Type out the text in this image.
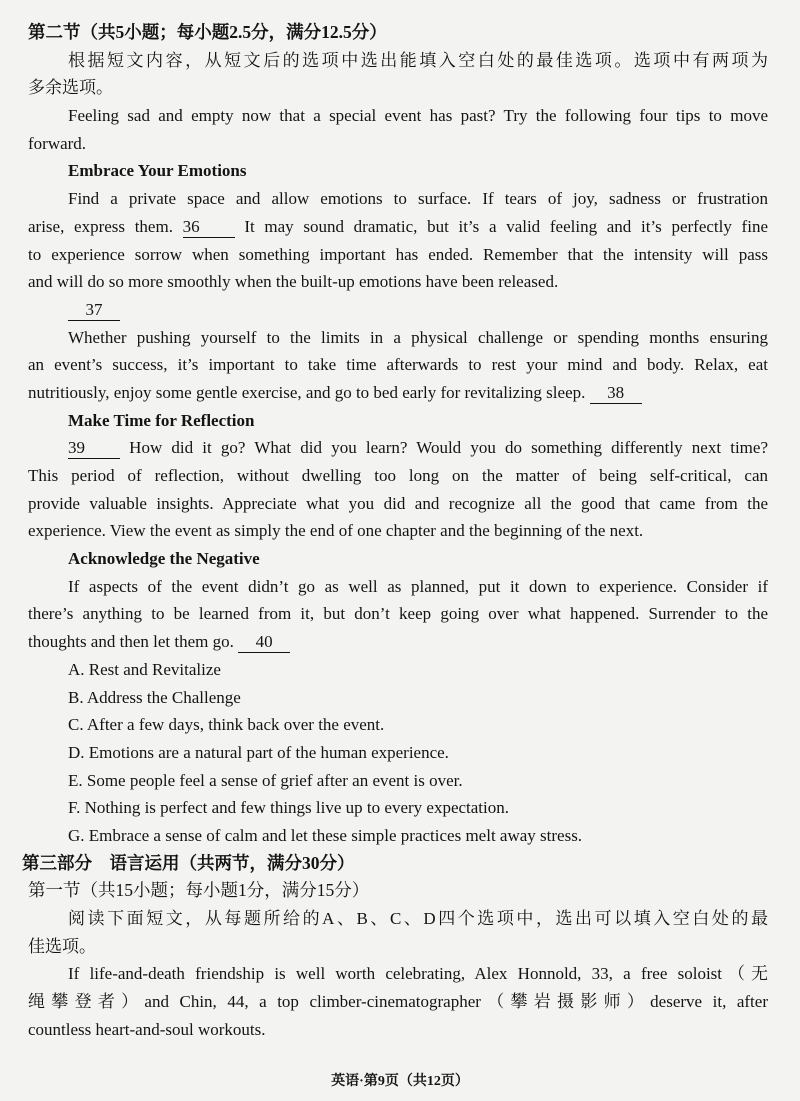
第二节（共5小题；每小题2.5分，满分12.5分）
根据短文内容，从短文后的选项中选出能填入空白处的最佳选项。选项中有两项为
多余选项。
Feeling sad and empty now that a special event has past? Try the following four tips to move
forward.
Embrace Your Emotions
Find a private space and allow emotions to surface. If tears of joy, sadness or frustration
arise, express them. 36 It may sound dramatic, but it’s a valid feeling and it’s perfectly fine
to experience sorrow when something important has ended. Remember that the intensity will pass
and will do so more smoothly when the built-up emotions have been released.
37
Whether pushing yourself to the limits in a physical challenge or spending months ensuring
an event’s success, it’s important to take time afterwards to rest your mind and body. Relax, eat
nutritiously, enjoy some gentle exercise, and go to bed early for revitalizing sleep. 38
Make Time for Reflection
39 How did it go? What did you learn? Would you do something differently next time?
This period of reflection, without dwelling too long on the matter of being self-critical, can
provide valuable insights. Appreciate what you did and recognize all the good that came from the
experience. View the event as simply the end of one chapter and the beginning of the next.
Acknowledge the Negative
If aspects of the event didn’t go as well as planned, put it down to experience. Consider if
there’s anything to be learned from it, but don’t keep going over what happened. Surrender to the
thoughts and then let them go. 40
A. Rest and Revitalize
B. Address the Challenge
C. After a few days, think back over the event.
D. Emotions are a natural part of the human experience.
E. Some people feel a sense of grief after an event is over.
F. Nothing is perfect and few things live up to every expectation.
G. Embrace a sense of calm and let these simple practices melt away stress.
第三部分　语言运用（共两节，满分30分）
第一节（共15小题；每小题1分，满分15分）
阅读下面短文，从每题所给的A、B、C、D四个选项中，选出可以填入空白处的最
佳选项。
If life-and-death friendship is well worth celebrating, Alex Honnold, 33, a free soloist（无
绳攀登者）and Chin, 44, a top climber-cinematographer（攀岩摄影师）deserve it, after
countless heart-and-soul workouts.
英语·第9页（共12页）
